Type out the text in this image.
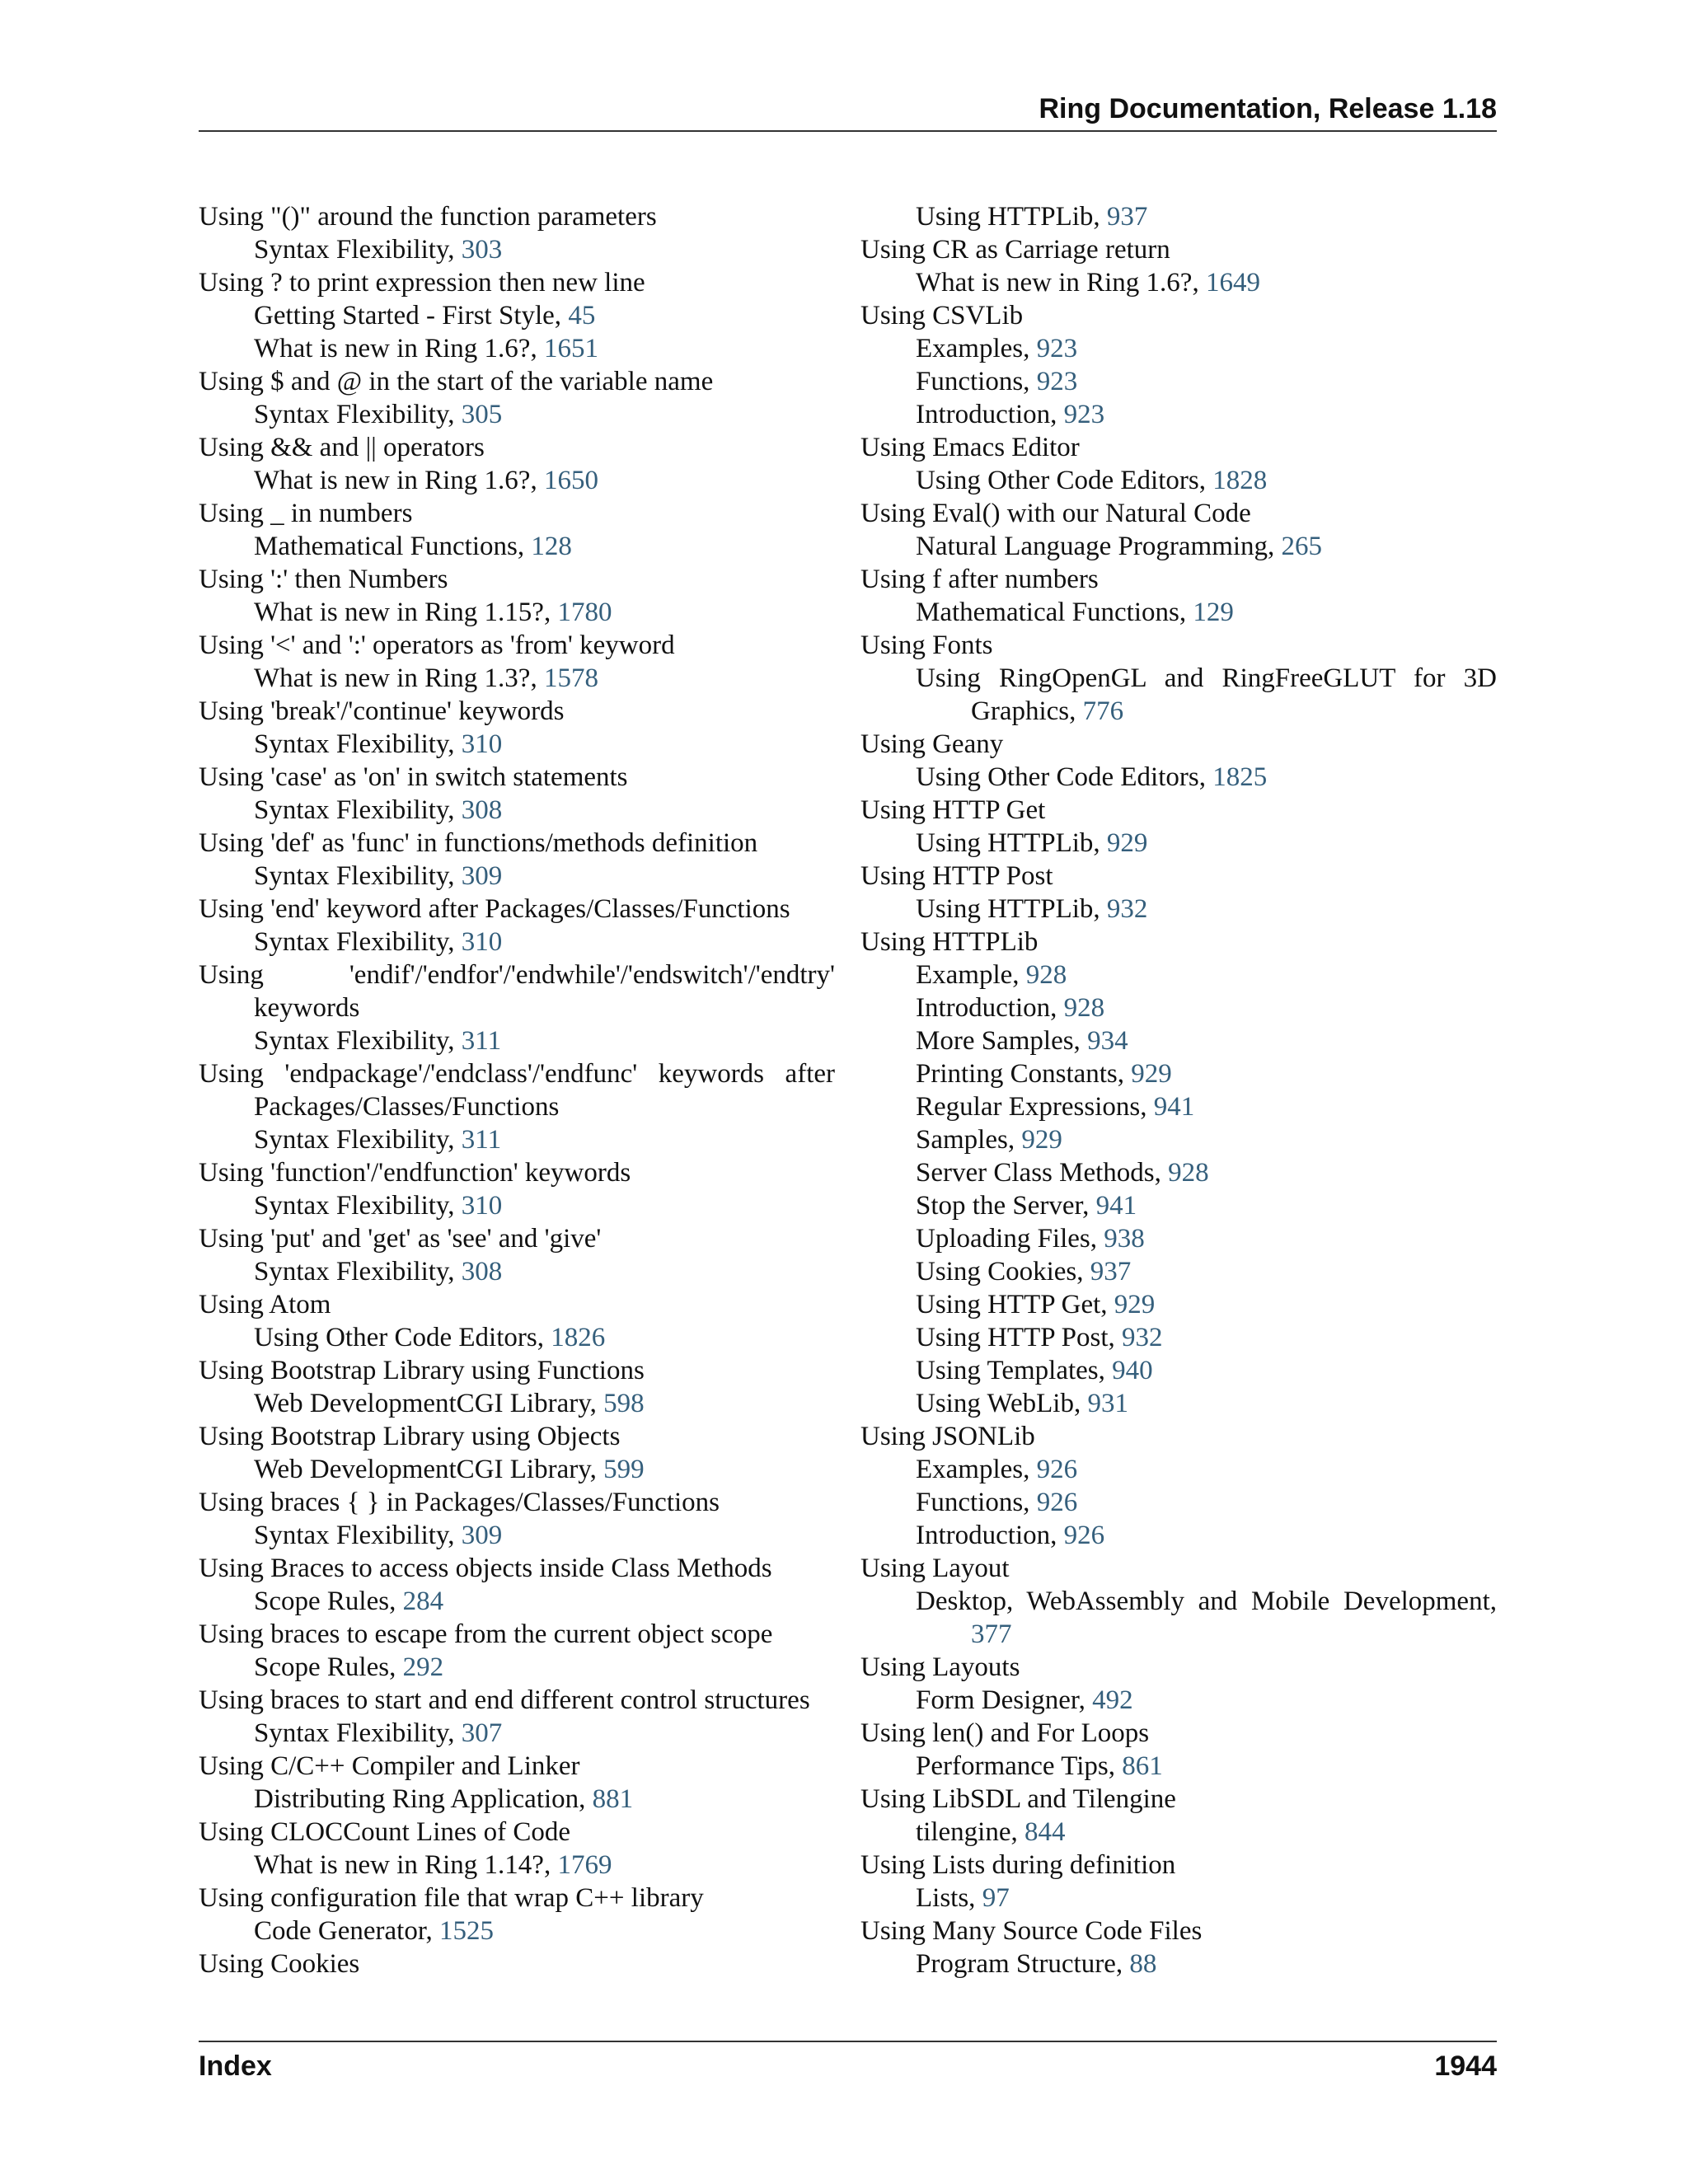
Ring Documentation, Release 1.18

Using "()" around the function parameters

Syntax Flexibility, 303

Using ? to print expression then new line

Getting Started - First Style, 45

What is new in Ring 1.6?, 1651

Using $ and @ in the start of the variable name

Syntax Flexibility, 305

Using && and || operators

What is new in Ring 1.6?, 1650

Using _ in numbers

Mathematical Functions, 128

Using ':' then Numbers

What is new in Ring 1.15?, 1780

Using '<' and ':' operators as 'from' keyword

What is new in Ring 1.3?, 1578

Using 'break'/'continue' keywords

Syntax Flexibility, 310

Using 'case' as 'on' in switch statements

Syntax Flexibility, 308

Using 'def' as 'func' in functions/methods definition

Syntax Flexibility, 309

Using 'end' keyword after Packages/Classes/Functions

Syntax Flexibility, 310

Using 'endif'/'endfor'/'endwhile'/'endswitch'/'endtry' keywords

Syntax Flexibility, 311

Using 'endpackage'/'endclass'/'endfunc' keywords after Packages/Classes/Functions

Syntax Flexibility, 311

Using 'function'/'endfunction' keywords

Syntax Flexibility, 310

Using 'put' and 'get' as 'see' and 'give'

Syntax Flexibility, 308

Using Atom

Using Other Code Editors, 1826

Using Bootstrap Library using Functions

Web DevelopmentCGI Library, 598

Using Bootstrap Library using Objects

Web DevelopmentCGI Library, 599

Using braces { } in Packages/Classes/Functions

Syntax Flexibility, 309

Using Braces to access objects inside Class Methods

Scope Rules, 284

Using braces to escape from the current object scope

Scope Rules, 292

Using braces to start and end different control structures

Syntax Flexibility, 307

Using C/C++ Compiler and Linker

Distributing Ring Application, 881

Using CLOCCount Lines of Code

What is new in Ring 1.14?, 1769

Using configuration file that wrap C++ library

Code Generator, 1525

Using Cookies

Using HTTPLib, 937

Using CR as Carriage return

What is new in Ring 1.6?, 1649

Using CSVLib

Examples, 923

Functions, 923

Introduction, 923

Using Emacs Editor

Using Other Code Editors, 1828

Using Eval() with our Natural Code

Natural Language Programming, 265

Using f after numbers

Mathematical Functions, 129

Using Fonts

Using RingOpenGL and RingFreeGLUT for 3D Graphics, 776

Using Geany

Using Other Code Editors, 1825

Using HTTP Get

Using HTTPLib, 929

Using HTTP Post

Using HTTPLib, 932

Using HTTPLib

Example, 928

Introduction, 928

More Samples, 934

Printing Constants, 929

Regular Expressions, 941

Samples, 929

Server Class Methods, 928

Stop the Server, 941

Uploading Files, 938

Using Cookies, 937

Using HTTP Get, 929

Using HTTP Post, 932

Using Templates, 940

Using WebLib, 931

Using JSONLib

Examples, 926

Functions, 926

Introduction, 926

Using Layout

Desktop, WebAssembly and Mobile Development, 377

Using Layouts

Form Designer, 492

Using len() and For Loops

Performance Tips, 861

Using LibSDL and Tilengine

tilengine, 844

Using Lists during definition

Lists, 97

Using Many Source Code Files

Program Structure, 88

Index	1944
